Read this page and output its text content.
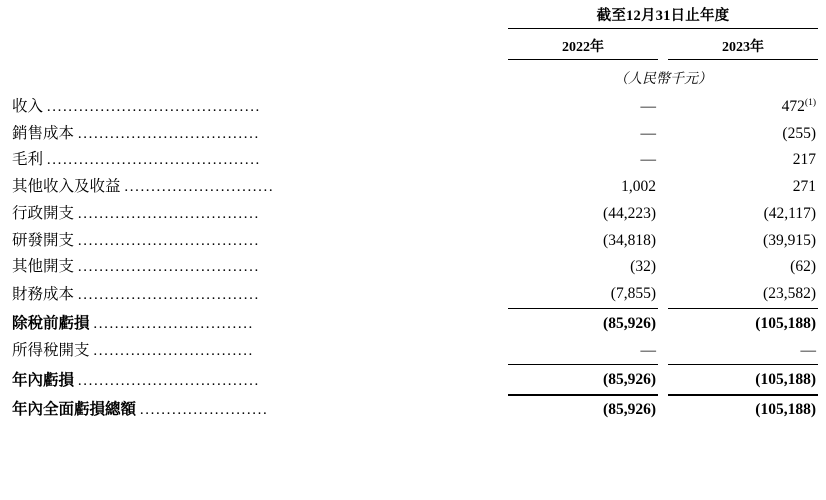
	截至12月31日止年度		
	2022年		2023年
	（人民幣千元）		
收入 ........................................	—		472$^{(1)}$
銷售成本 ..................................	—		(255)
毛利 ........................................	—		217
其他收入及收益 ............................	1,002		271
行政開支 ..................................	(44,223)		(42,117)
研發開支 ..................................	(34,818)		(39,915)
其他開支 ..................................	(32)		(62)
財務成本 ..................................	(7,855)		(23,582)
除稅前虧損 ..............................	(85,926)		(105,188)
所得稅開支 ..............................	—		—
年內虧損 ..................................	(85,926)		(105,188)
年內全面虧損總額 ........................	(85,926)		(105,188)
